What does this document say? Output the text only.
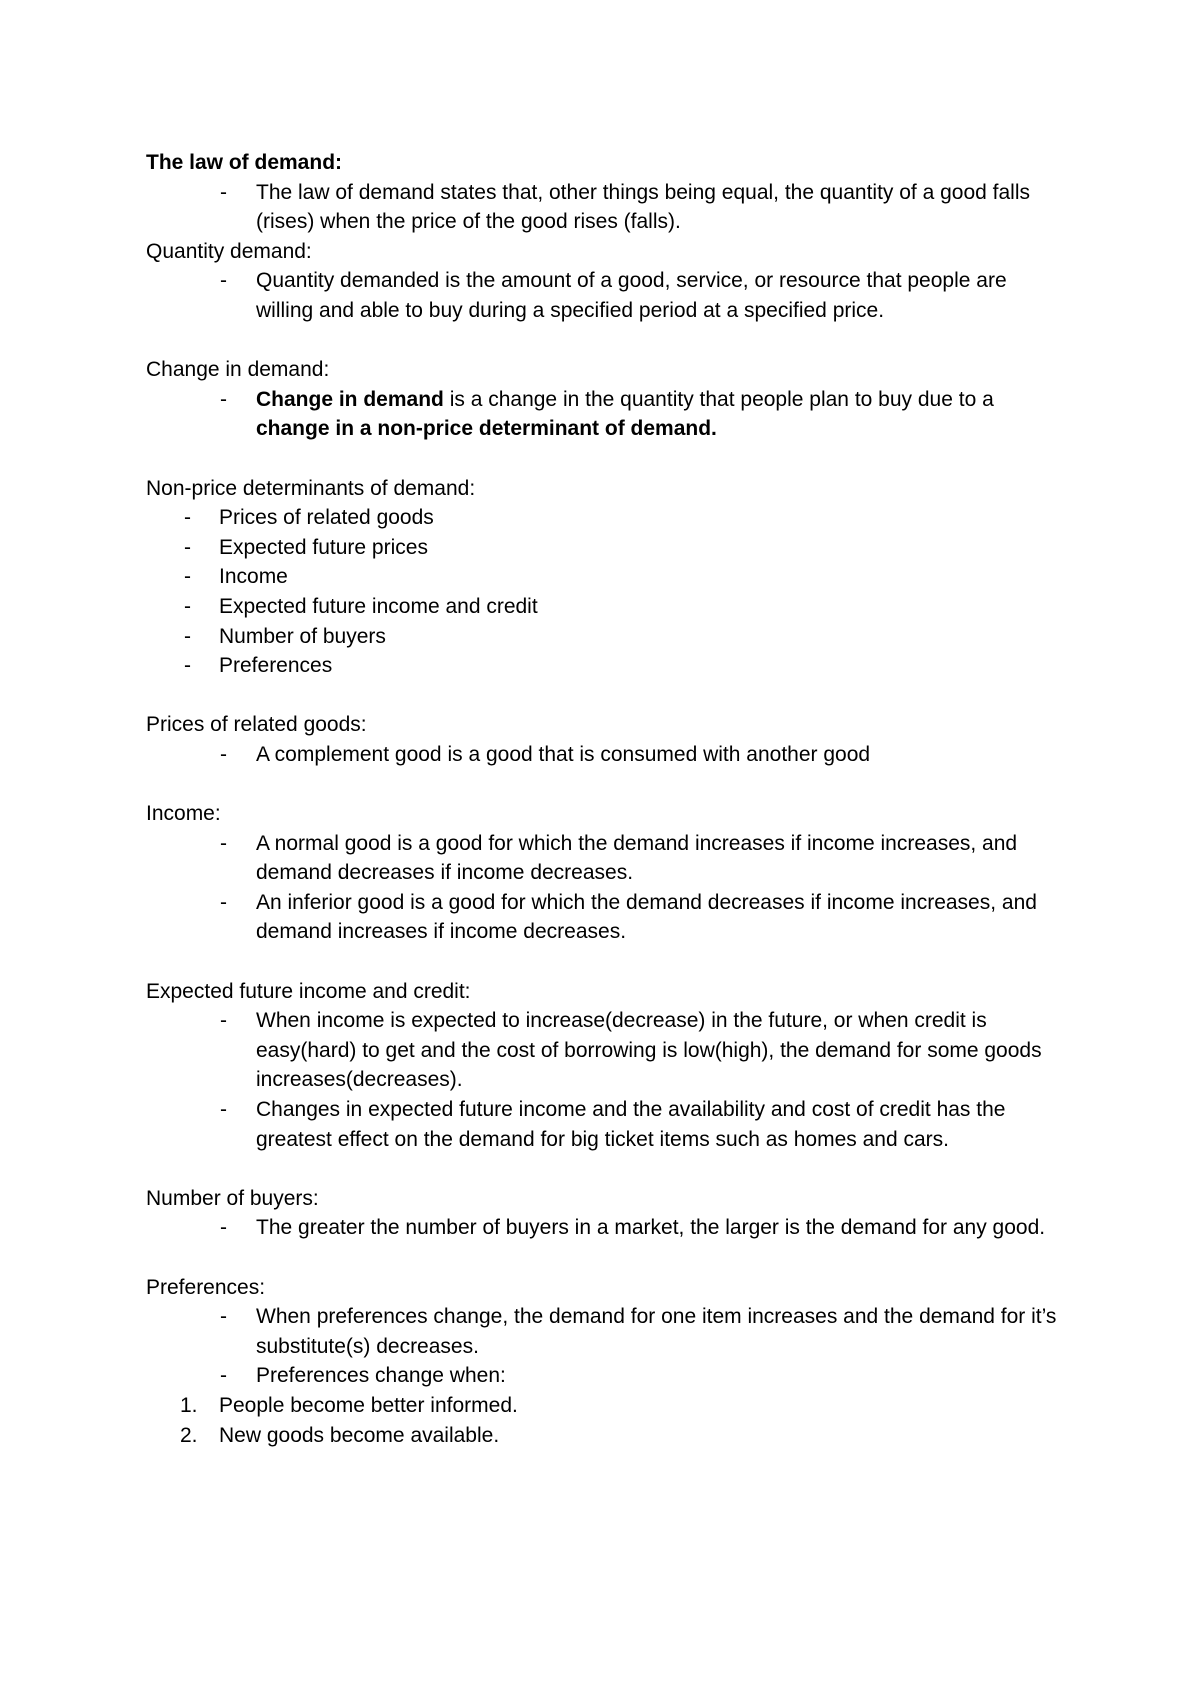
The law of demand:

- The law of demand states that, other things being equal, the quantity of a good falls (rises) when the price of the good rises (falls).

Quantity demand:

- Quantity demanded is the amount of a good, service, or resource that people are willing and able to buy during a specified period at a specified price.

Change in demand:

- Change in demand is a change in the quantity that people plan to buy due to a change in a non-price determinant of demand.

Non-price determinants of demand:

- Prices of related goods
- Expected future prices
- Income
- Expected future income and credit
- Number of buyers
- Preferences

Prices of related goods:

- A complement good is a good that is consumed with another good

Income:

- A normal good is a good for which the demand increases if income increases, and demand decreases if income decreases.
- An inferior good is a good for which the demand decreases if income increases, and demand increases if income decreases.

Expected future income and credit:

- When income is expected to increase(decrease) in the future, or when credit is easy(hard) to get and the cost of borrowing is low(high), the demand for some goods increases(decreases).
- Changes in expected future income and the availability and cost of credit has the greatest effect on the demand for big ticket items such as homes and cars.

Number of buyers:

- The greater the number of buyers in a market, the larger is the demand for any good.

Preferences:

- When preferences change, the demand for one item increases and the demand for it’s substitute(s) decreases.
- Preferences change when:
1. People become better informed.
2. New goods become available.
